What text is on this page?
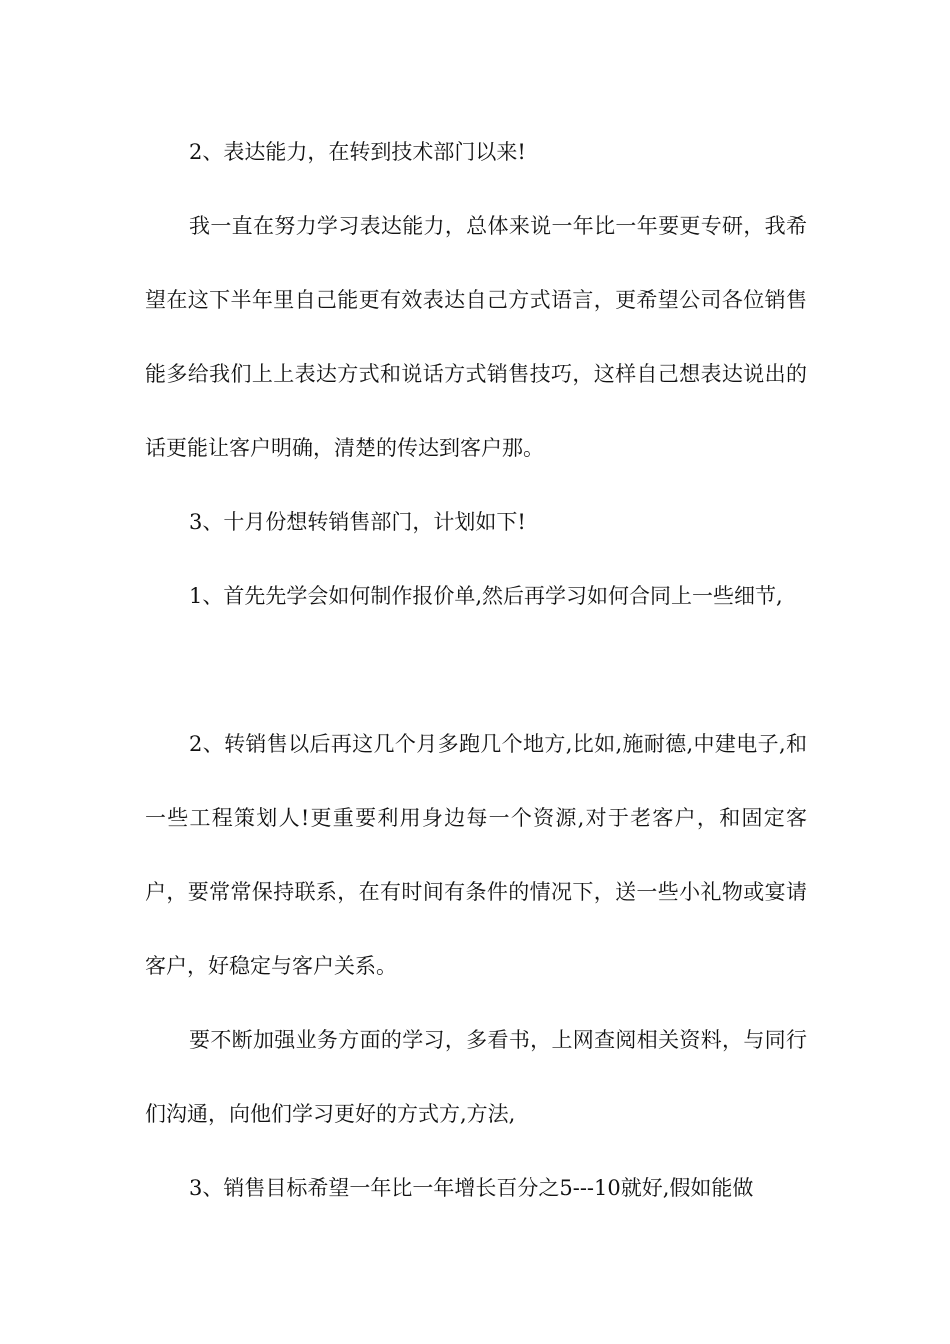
2、表达能力，在转到技术部门以来!

我一直在努力学习表达能力，总体来说一年比一年要更专研，我希望在这下半年里自己能更有效表达自己方式语言，更希望公司各位销售能多给我们上上表达方式和说话方式销售技巧，这样自己想表达说出的话更能让客户明确，清楚的传达到客户那。

3、十月份想转销售部门，计划如下!

1、首先先学会如何制作报价单,然后再学习如何合同上一些细节,

2、转销售以后再这几个月多跑几个地方,比如,施耐德,中建电子,和一些工程策划人!更重要利用身边每一个资源,对于老客户，和固定客户，要常常保持联系，在有时间有条件的情况下，送一些小礼物或宴请客户，好稳定与客户关系。

要不断加强业务方面的学习，多看书，上网查阅相关资料，与同行们沟通，向他们学习更好的方式方,方法,

3、销售目标希望一年比一年增长百分之5---10就好,假如能做
